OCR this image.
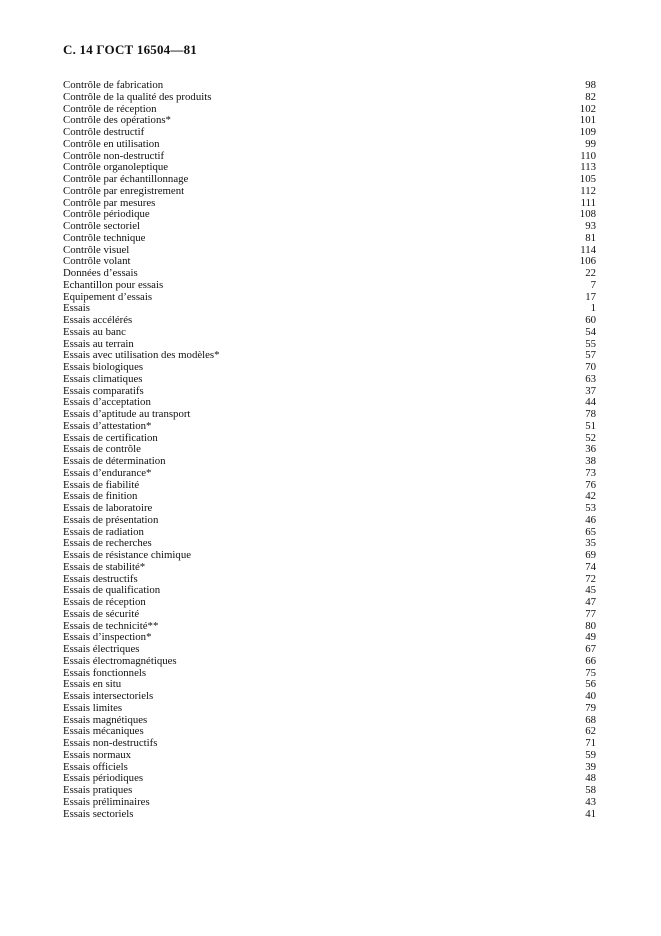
С. 14 ГОСТ 16504—81
Contrôle de fabrication	98
Contrôle de la qualité des produits	82
Contrôle de réception	102
Contrôle des opérations*	101
Contrôle destructif	109
Contrôle en utilisation	99
Contrôle non-destructif	110
Contrôle organoleptique	113
Contrôle par échantillonnage	105
Contrôle par enregistrement	112
Contrôle par mesures	111
Contrôle périodique	108
Contrôle sectoriel	93
Contrôle technique	81
Contrôle visuel	114
Contrôle volant	106
Données d’essais	22
Echantillon pour essais	7
Equipement d’essais	17
Essais	1
Essais accélérés	60
Essais au banc	54
Essais au terrain	55
Essais avec utilisation des modèles*	57
Essais biologiques	70
Essais climatiques	63
Essais comparatifs	37
Essais d’acceptation	44
Essais d’aptitude au transport	78
Essais d’attestation*	51
Essais de certification	52
Essais de contrôle	36
Essais de détermination	38
Essais d’endurance*	73
Essais de fiabilité	76
Essais de finition	42
Essais de laboratoire	53
Essais de présentation	46
Essais de radiation	65
Essais de recherches	35
Essais de résistance chimique	69
Essais de stabilité*	74
Essais destructifs	72
Essais de qualification	45
Essais de réception	47
Essais de sécurité	77
Essais de technicité**	80
Essais d’inspection*	49
Essais électriques	67
Essais électromagnétiques	66
Essais fonctionnels	75
Essais en situ	56
Essais intersectoriels	40
Essais limites	79
Essais magnétiques	68
Essais mécaniques	62
Essais non-destructifs	71
Essais normaux	59
Essais officiels	39
Essais périodiques	48
Essais pratiques	58
Essais préliminaires	43
Essais sectoriels	41
